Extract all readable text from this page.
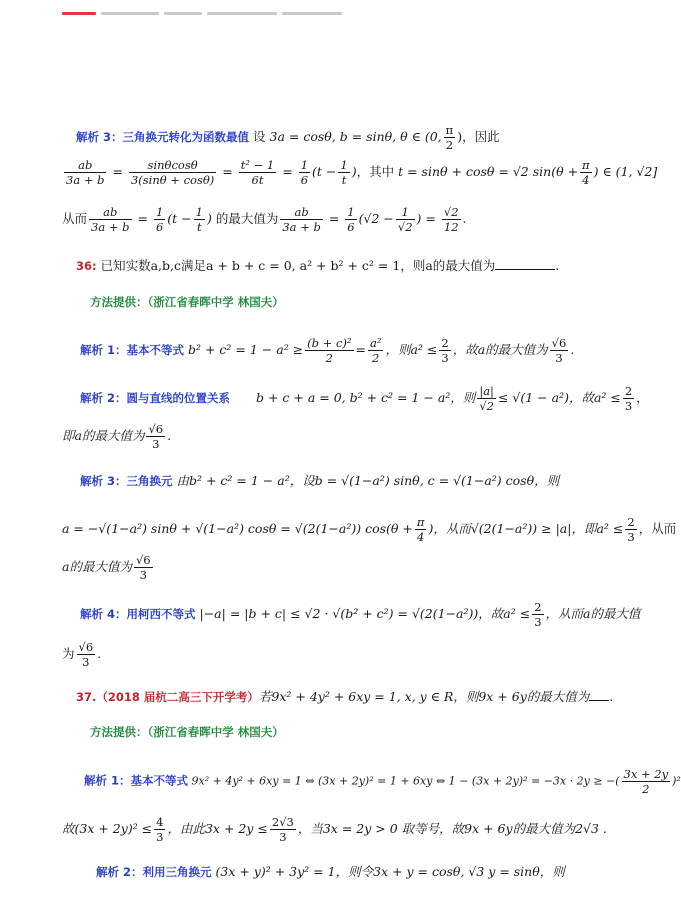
解析 3：三角换元转化为函数最值 设 3a = cosθ, b = sinθ, θ ∈ (0, $\frac{\pi}{2}$ )，因此
$\frac{ab}{3a + b} = \frac{\sin\theta\cos\theta}{3(\sin\theta + \cos\theta)} = \frac{\text{t² − 1}}{6t} = \frac{1}{6} (t - \frac{1}{t}$ )，其中 t = sinθ + cosθ = √2 $\sin(\theta + \frac{\pi}{4}$ ) ∈ (1, √2]
从而 $\frac{ab}{3a + b} = \frac{1}{6} (t - \frac{1}{t}$ ) 的最大值为 $\frac{ab}{3a + b} = \frac{1}{6} (√2 - \frac{1}{√2}$ ) = $\frac{√2}{12}$ .
36: 已知实数a,b,c满足a + b + c = 0, a² + b² + c² = 1，则a的最大值为	.
方法提供：（浙江省春晖中学 林国夫）
解析 1：基本不等式 $b^2 + c^2 = 1 - a^2 \ge \frac{\text{(b + c)²}}{2} = \frac{\text{a²}}{2}$ ，则$a^2 \le \frac{2}{3}$ ，故a的最大值为 $\frac{√6}{3}$ .
解析 2：圆与直线的位置关系 b + c + a = 0, b² + c² = 1 − a²，则 $\frac{|a|}{√2} \le √(1 - a^2)$，故$a^2 \le \frac{2}{3}$ ，
即a的最大值为 $\frac{√6}{3}$ .
解析 3：三角换元 由b² + c² = 1 − a²，设b = √(1−a²) sinθ, c = √(1−a²) cosθ，则
a = −√(1−a²) sinθ + √(1−a²) cosθ = √(2(1−a²)) $\cos(\theta + \frac{\pi}{4}$ )，从而√(2(1−a²)) ≥ |a|，即$a^2 \le \frac{2}{3}$ ，从而
a的最大值为 $\frac{√6}{3}$
解析 4：用柯西不等式 |−a| = |b + c| ≤ √2 · √(b² + c²) = √(2(1−a²))，故$a^2 \le \frac{2}{3}$ ，从而a的最大值
为 $\frac{√6}{3}$ .
37.（2018 届杭二高三下开学考）若9x² + 4y² + 6xy = 1, x, y ∈ R，则9x + 6y的最大值为 .
方法提供：（浙江省春晖中学 林国夫）
解析 1：基本不等式 9x² + 4y² + 6xy = 1 ⇔ (3x + 2y)² = 1 + 6xy ⇔ 1 − (3x + 2y)² = −3x · 2y ≥ −( $\frac{3x + 2y}{2} )^2$
故$(3x + 2y)^2 \le \frac{4}{3}$ ，由此$3x + 2y \le \frac{2√3}{3}$ ，当3x = 2y > 0 取等号，故9x + 6y的最大值为2√3 .
解析 2：利用三角换元 (3x + y)² + 3y² = 1，则令3x + y = cosθ, √3 y = sinθ，则
